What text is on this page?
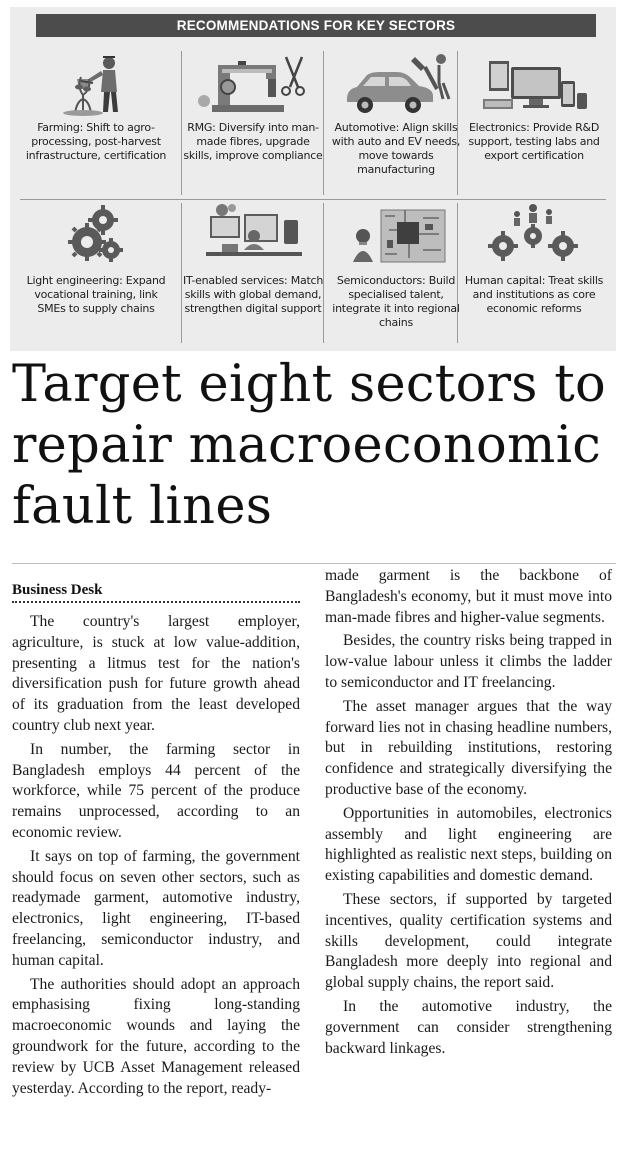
RECOMMENDATIONS FOR KEY SECTORS
Farming: Shift to agro-processing, post-harvest infrastructure, certification
RMG: Diversify into man-made fibres, upgrade skills, improve compliance
Automotive: Align skills with auto and EV needs, move towards manufacturing
Electronics: Provide R&D support, testing labs and export certification
Light engineering: Expand vocational training, link SMEs to supply chains
IT-enabled services: Match skills with global demand, strengthen digital support
Semiconductors: Build specialised talent, integrate it into regional chains
Human capital: Treat skills and institutions as core economic reforms
Target eight sectors to repair macroeconomic fault lines
Business Desk

The country's largest employer, agriculture, is stuck at low value-addition, presenting a litmus test for the nation's diversification push for future growth ahead of its graduation from the least developed country club next year.

In number, the farming sector in Bangladesh employs 44 percent of the workforce, while 75 percent of the produce remains unprocessed, according to an economic review.

It says on top of farming, the government should focus on seven other sectors, such as readymade garment, automotive industry, electronics, light engineering, IT-based freelancing, semiconductor industry, and human capital.

The authorities should adopt an approach emphasising fixing long-standing macroeconomic wounds and laying the groundwork for the future, according to the review by UCB Asset Management released yesterday. According to the report, ready-

made garment is the backbone of Bangladesh's economy, but it must move into man-made fibres and higher-value segments.

Besides, the country risks being trapped in low-value labour unless it climbs the ladder to semiconductor and IT freelancing.

The asset manager argues that the way forward lies not in chasing headline numbers, but in rebuilding institutions, restoring confidence and strategically diversifying the productive base of the economy.

Opportunities in automobiles, electronics assembly and light engineering are highlighted as realistic next steps, building on existing capabilities and domestic demand.

These sectors, if supported by targeted incentives, quality certification systems and skills development, could integrate Bangladesh more deeply into regional and global supply chains, the report said.

In the automotive industry, the government can consider strengthening backward linkages.
